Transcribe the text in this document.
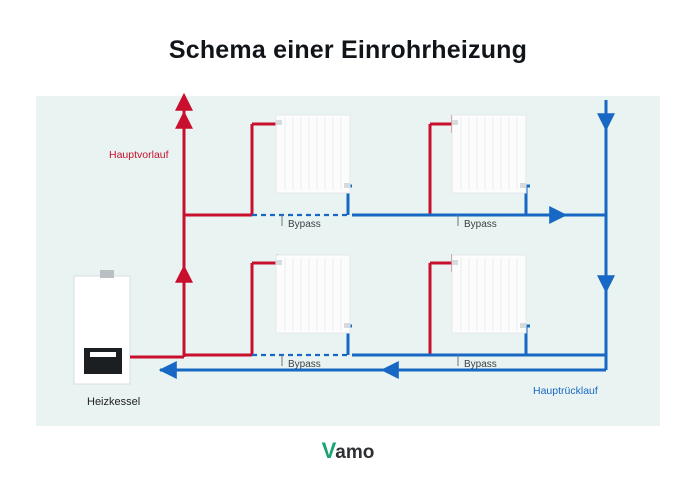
Schema einer Einrohrheizung
Hauptvorlauf
Hauptrücklauf
Bypass	Bypass
Bypass	Bypass
Heizkessel
Vamo
